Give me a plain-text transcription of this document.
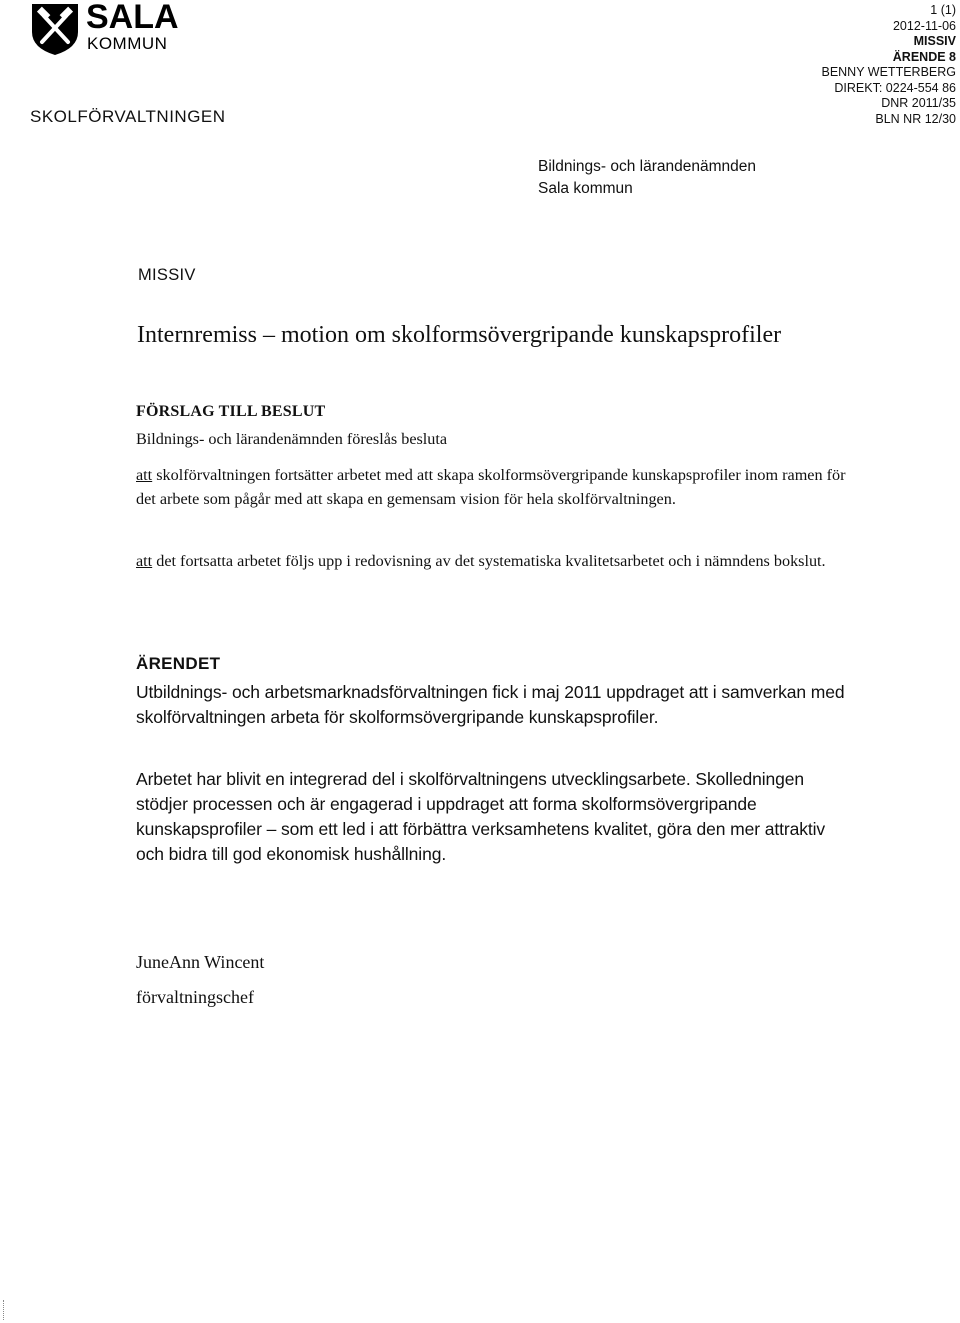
SALA
KOMMUN
SKOLFÖRVALTNINGEN
1 (1)
2012-11-06
MISSIV
ÄRENDE 8
BENNY WETTERBERG
DIREKT: 0224-554 86
DNR 2011/35
BLN NR 12/30
Bildnings- och lärandenämnden
Sala kommun
MISSIV
Internremiss – motion om skolformsövergripande kunskapsprofiler
FÖRSLAG TILL BESLUT
Bildnings- och lärandenämnden föreslås besluta
att skolförvaltningen fortsätter arbetet med att skapa skolformsövergripande kunskapsprofiler inom ramen för det arbete som pågår med att skapa en gemensam vision för hela skolförvaltningen.
att det fortsatta arbetet följs upp i redovisning av det systematiska kvalitetsarbetet och i nämndens bokslut.
ÄRENDET
Utbildnings- och arbetsmarknadsförvaltningen fick i maj 2011 uppdraget att i samverkan med skolförvaltningen arbeta för skolformsövergripande kunskapsprofiler.
Arbetet har blivit en integrerad del i skolförvaltningens utvecklingsarbete. Skolledningen stödjer processen och är engagerad i uppdraget att forma skolformsövergripande kunskapsprofiler – som ett led i att förbättra verksamhetens kvalitet, göra den mer attraktiv och bidra till god ekonomisk hushållning.
JuneAnn Wincent
förvaltningschef
